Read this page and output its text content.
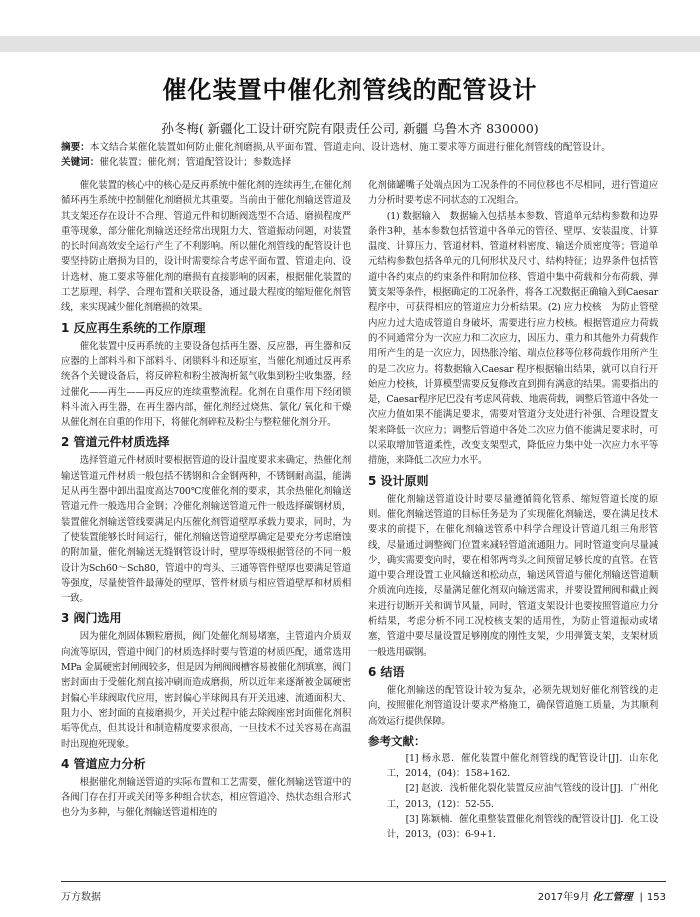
催化装置中催化剂管线的配管设计
孙冬梅( 新疆化工设计研究院有限责任公司, 新疆 乌鲁木齐 830000)
摘要：本文结合某催化装置如何防止催化剂磨损,从平面布置、管道走向、设计选材、施工要求等方面进行催化剂管线的配管设计。
关键词：催化装置；催化剂；管道配管设计；参数选择

催化装置的核心中的核心是反再系统中催化剂的连续再生,在催化剂循环再生系统中控制催化剂磨损尤其重要。当前由于催化剂输送管道及其支架还存在设计不合理、管道元件和切断阀选型不合适、磨损程度严重等现象，部分催化剂输送还经常出现阻力大、管道振动问题，对装置的长时间高效安全运行产生了不利影响。所以催化剂管线的配管设计也要坚持防止磨损为目的，设计时需要综合考虑平面布置、管道走向、设计选材、施工要求等催化剂的磨损有直接影响的因素，根据催化装置的工艺原理、科学、合理布置和关联设备，通过最大程度的缩短催化剂管线，来实现减少催化剂磨损的效果。

1 反应再生系统的工作原理

催化装置中反再系统的主要设备包括再生器、反应器，再生器和反应器的上部料斗和下部料斗、闭锁料斗和还原室，当催化剂通过反再系统各个关键设备后，将反碎粒和粉尘被淘析氮气收集到粉尘收集器，经过催化——再生——再反应的连续重整流程。化剂在自重作用下经闭锁料斗流入再生器，在再生器内部，催化剂经过烧焦、氯化/ 氧化和干燥从催化剂在自重的作用下，将催化剂碎粒及粉尘与整粒催化剂分开。

2 管道元件材质选择

选择管道元件材质时要根据管道的设计温度要求来确定，热催化剂输送管道元件材质一般包括不锈钢和合金钢两种，不锈钢耐高温，能满足从再生器中卸出温度高达700℃度催化剂的要求，其余热催化剂输送管道元件一般选用合金钢；冷催化剂输送管道元件一般选择碳钢材质，装置催化剂输送管线要满足内压催化剂管道壁厚承载力要求，同时，为了使装置能够长时间运行，催化剂输送管道壁厚确定是要充分考虑磨蚀的附加量，催化剂输送无缝钢管设计时，壁厚等级根据管径的不同一般设计为Sch60～Sch80，管道中的弯头、三通等管件壁厚也要满足管道等强度，尽量使管件最薄处的壁厚、管件材质与相应管道壁厚和材质相一致。

3 阀门选用

因为催化剂固体颗粒磨损，阀门处催化剂易堵塞，主管道内介质双向流等原因，管道中阀门的材质选择时要与管道的材质匹配，通常选用 MPa 金属硬密封闸阀较多，但是因为闸阀阀槽容易被催化剂填塞，阀门密封面由于受催化剂直接冲刷而造成磨损，所以近年来逐渐被金属硬密封偏心半球阀取代应用，密封偏心半球阀具有开关迅速、流通面积大、阻力小、密封面的直接磨损少，开关过程中能去除阀座密封面催化剂积垢等优点，但其设计和制造精度要求很高，一旦技术不过关容易在高温时出现抱死现象。

4 管道应力分析

根据催化剂输送管道的实际布置和工艺需要，催化剂输送管道中的各阀门存在打开或关闭等多种组合状态，相应管道冷、热状态组合形式也分为多种，与催化剂输送管道相连的

化剂储罐嘴子处端点因为工况条件的不同位移也不尽相同，进行管道应力分析时要考虑不同状态的工况组合。

(1) 数据输入　数据输入包括基本参数、管道单元结构参数和边界条件3种，基本参数包括管道中各单元的管径、壁厚、安装温度、计算温度、计算压力、管道材料、管道材料密度、输送介质密度等；管道单元结构参数包括各单元的几何形状及尺寸、结构特征；边界条件包括管道中各约束点的约束条件和附加位移、管道中集中荷载和分布荷载、弹簧支架等条件，根据确定的工况条件，将各工况数据正确输入到Caesar 程序中，可获得相应的管道应力分析结果。(2) 应力校核　为防止管壁内应力过大造成管道自身破坏，需要进行应力校核。根据管道应力荷载的不同通常分为一次应力和二次应力，因压力、重力和其他外力荷载作用所产生的是一次应力，因热胀冷缩、端点位移等位移荷载作用所产生的是二次应力。将数据输入Caesar 程序根据输出结果，就可以自行开始应力校核，计算模型需要反复修改直到拥有满意的结果。需要指出的是，Caesar程序尼巴没有考虑风荷载、地震荷载，调整后管道中各处一次应力值如果不能满足要求，需要对管道分支处进行补强、合理设置支架来降低一次应力；调整后管道中各处二次应力值不能满足要求时，可以采取增加管道柔性，改变支架型式，降低应力集中处一次应力水平等措施，来降低二次应力水平。

5 设计原则

催化剂输送管道设计时要尽量遵循简化管系、缩短管道长度的原则。催化剂输送管道的目标任务是为了实现催化剂输送，要在满足技术要求的前提下，在催化剂输送管系中科学合理设计管道几组三角形管线，尽量通过调整阀门位置来减轻管道流通阻力。同时管道变向尽量减少，确实需要变向时，要在相邻两弯头之间预留足够长度的直管。在管道中要合理设置工业风输送和松动点，输送风管道与催化剂输送管道顺介质流向连接，尽量满足催化剂双向输送需求，并要设置闸阀和截止阀来进行切断开关和调节风量，同时，管道支架设计也要按照管道应力分析结果，考虑分析不同工况校核支架的适用性，为防止管道振动或堵塞，管道中要尽量设置足够刚度的刚性支架，少用弹簧支架，支架材质一般选用碳钢。

6 结语

催化剂输送的配管设计较为复杂，必须先规划好催化剂管线的走向，按照催化剂管道设计要求严格施工，确保管道施工质量，为其顺利高效运行提供保障。

参考文献：

[1] 杨永恩．催化装置中催化剂管线的配管设计[J]．山东化工，2014，(04)：158+162．

[2] 赵波．浅析催化裂化装置反应油气管线的设计[J]．广州化工，2013，(12)：52-55．

[3] 陈颖楠．催化重整装置催化剂管线的配管设计[J]．化工设计，2013，(03)：6-9+1．

万方数据	2017年9月 化工管理 | 153
